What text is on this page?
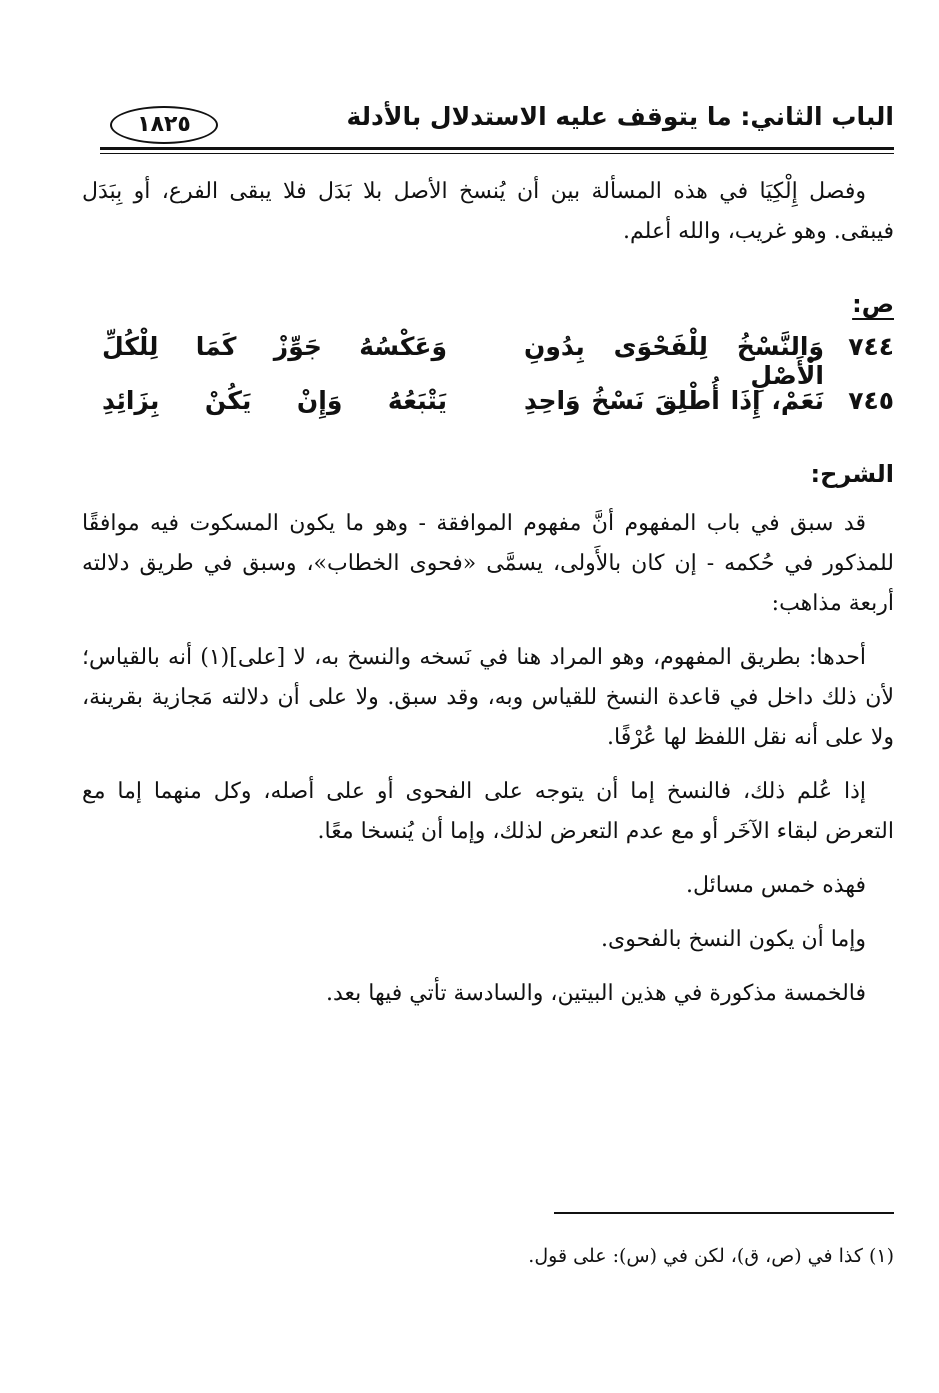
الباب الثاني: ما يتوقف عليه الاستدلال بالأدلة
١٨٢٥

وفصل إِلْكِيَا في هذه المسألة بين أن يُنسخ الأصل بلا بَدَل فلا يبقى الفرع، أو بِبَدَل فيبقى. وهو غريب، والله أعلم.

ص:

٧٤٤
وَالنَّسْخُ لِلْفَحْوَى بِدُونِ الْأَصْلِ
وَعَكْسُهُ جَوِّزْ كَمَا لِلْكُلِّ
٧٤٥
نَعَمْ، إِذَا أُطْلِقَ نَسْخُ وَاحِدِ
يَتْبَعُهُ وَإِنْ يَكُنْ بِزَائِدِ

الشرح:

قد سبق في باب المفهوم أنَّ مفهوم الموافقة - وهو ما يكون المسكوت فيه موافقًا للمذكور في حُكمه - إن كان بالأَولى، يسمَّى «فحوى الخطاب»، وسبق في طريق دلالته أربعة مذاهب:

أحدها: بطريق المفهوم، وهو المراد هنا في نَسخه والنسخ به، لا [على](١) أنه بالقياس؛ لأن ذلك داخل في قاعدة النسخ للقياس وبه، وقد سبق. ولا على أن دلالته مَجازية بقرينة، ولا على أنه نقل اللفظ لها عُرْفًا.

إذا عُلم ذلك، فالنسخ إما أن يتوجه على الفحوى أو على أصله، وكل منهما إما مع التعرض لبقاء الآخَر أو مع عدم التعرض لذلك، وإما أن يُنسخا معًا.

فهذه خمس مسائل.

وإما أن يكون النسخ بالفحوى.

فالخمسة مذكورة في هذين البيتين، والسادسة تأتي فيها بعد.

(١) كذا في (ص، ق)، لكن في (س): على قول.
